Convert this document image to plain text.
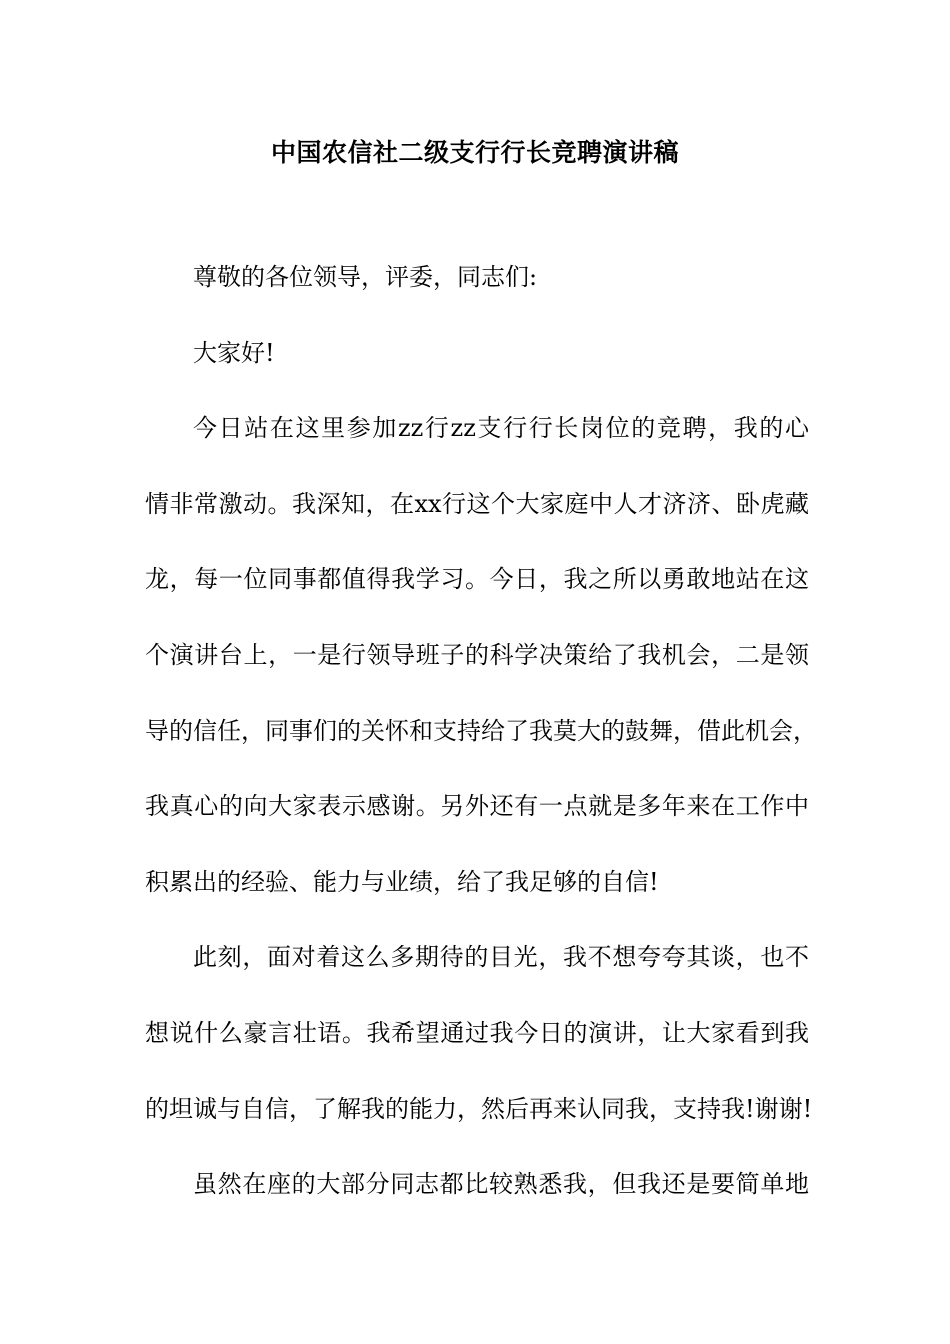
中国农信社二级支行行长竞聘演讲稿
尊敬的各位领导，评委，同志们:
大家好!
今日站在这里参加zz行zz支行行长岗位的竞聘，我的心
情非常激动。我深知，在xx行这个大家庭中人才济济、卧虎藏
龙，每一位同事都值得我学习。今日，我之所以勇敢地站在这
个演讲台上，一是行领导班子的科学决策给了我机会，二是领
导的信任，同事们的关怀和支持给了我莫大的鼓舞，借此机会，
我真心的向大家表示感谢。另外还有一点就是多年来在工作中
积累出的经验、能力与业绩，给了我足够的自信!
此刻，面对着这么多期待的目光，我不想夸夸其谈，也不
想说什么豪言壮语。我希望通过我今日的演讲，让大家看到我
的坦诚与自信，了解我的能力，然后再来认同我，支持我!谢谢!
虽然在座的大部分同志都比较熟悉我，但我还是要简单地
